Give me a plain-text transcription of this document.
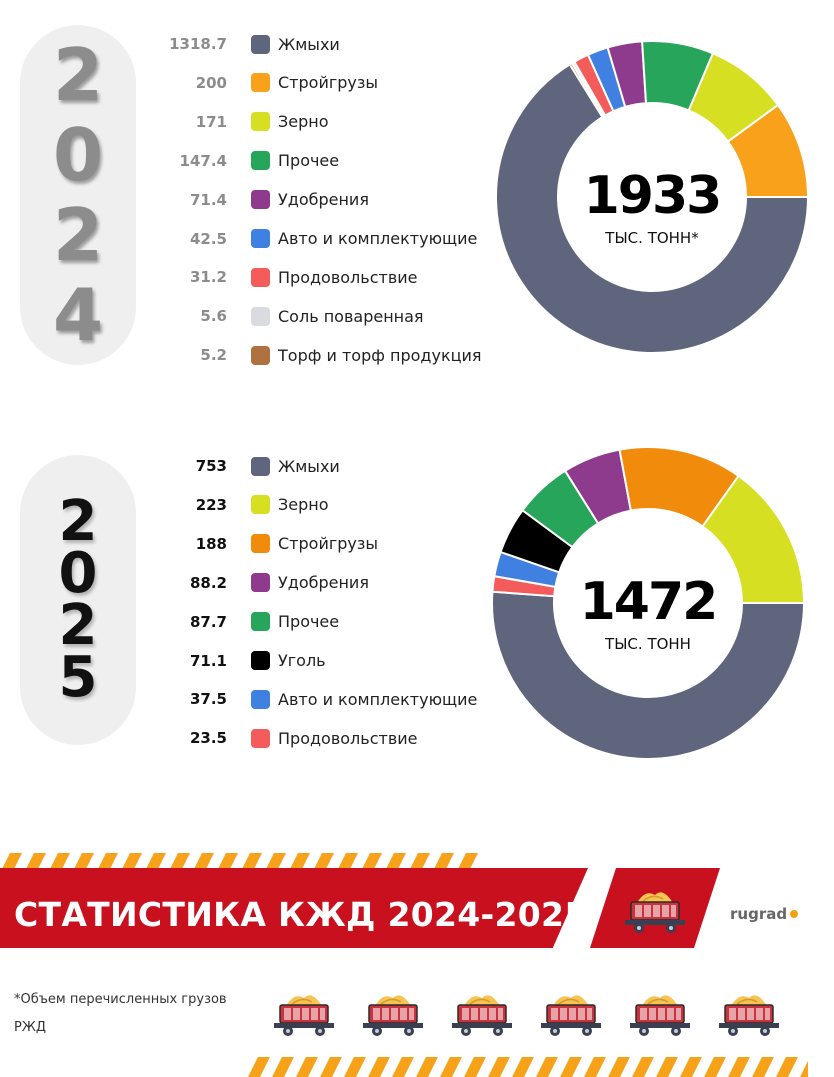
2
0
2
4
1318.7	Жмыхи
200	Стройгрузы
171	Зерно
147.4	Прочее
71.4	Удобрения
42.5	Авто и комплектующие
31.2	Продовольствие
5.6	Соль поваренная
5.2	Торф и торф продукция
1933
ТЫС. ТОНН*
2
0
2
5
753	Жмыхи
223	Зерно
188	Стройгрузы
88.2	Удобрения
87.7	Прочее
71.1	Уголь
37.5	Авто и комплектующие
23.5	Продовольствие
1472
ТЫС. ТОНН
СТАТИСТИКА КЖД 2024-2025	rugrad
*Объем перечисленных грузов
РЖД
